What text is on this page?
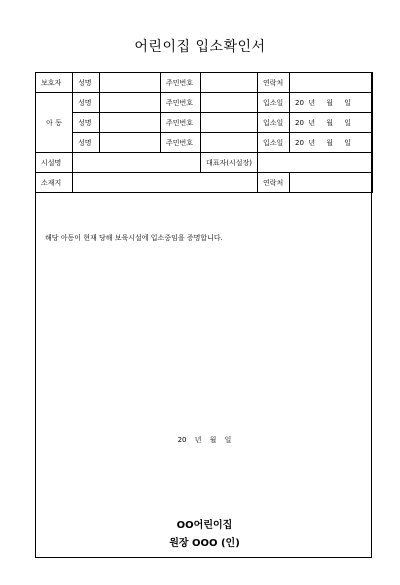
어린이집 입소확인서
보호자	성명		주민번호		연락처	
아 동	성명		주민번호		입소일	20 년 월 일
	성명		주민번호		입소일	20 년 월 일
	성명		주민번호		입소일	20 년 월 일
시설명				대표자(시설장)		
소재지					연락처	
해당 아동이 현재 당해 보육시설에 입소중임을 증명합니다.
20 년 월 일
OO어린이집
원장 OOO (인)
